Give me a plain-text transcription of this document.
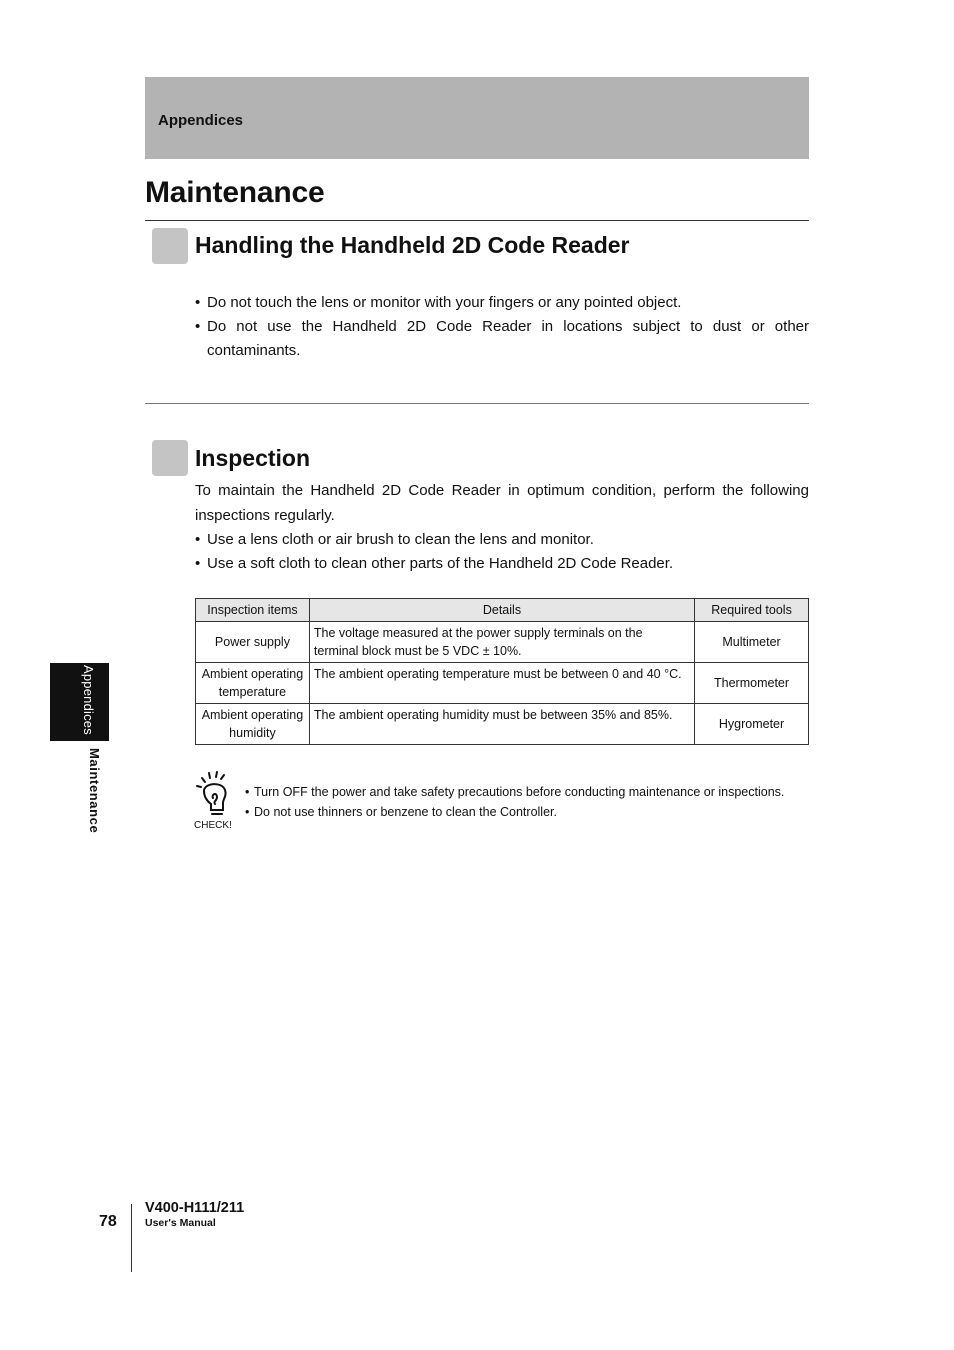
Appendices
Maintenance
Handling the Handheld 2D Code Reader
• Do not touch the lens or monitor with your fingers or any pointed object.
• Do not use the Handheld 2D Code Reader in locations subject to dust or other contaminants.
Inspection

To maintain the Handheld 2D Code Reader in optimum condition, perform the following inspections regularly.

• Use a lens cloth or air brush to clean the lens and monitor.
• Use a soft cloth to clean other parts of the Handheld 2D Code Reader.
Inspection items	Details	Required tools
Power supply	The voltage measured at the power supply terminals on the terminal block must be 5 VDC ± 10%.	Multimeter
Ambient operating temperature	The ambient operating temperature must be between 0 and 40 °C.	Thermometer
Ambient operating humidity	The ambient operating humidity must be between 35% and 85%.	Hygrometer
CHECK!
• Turn OFF the power and take safety precautions before conducting maintenance or inspections.
• Do not use thinners or benzene to clean the Controller.
Appendices
Maintenance
78
V400-H111/211
User's Manual
